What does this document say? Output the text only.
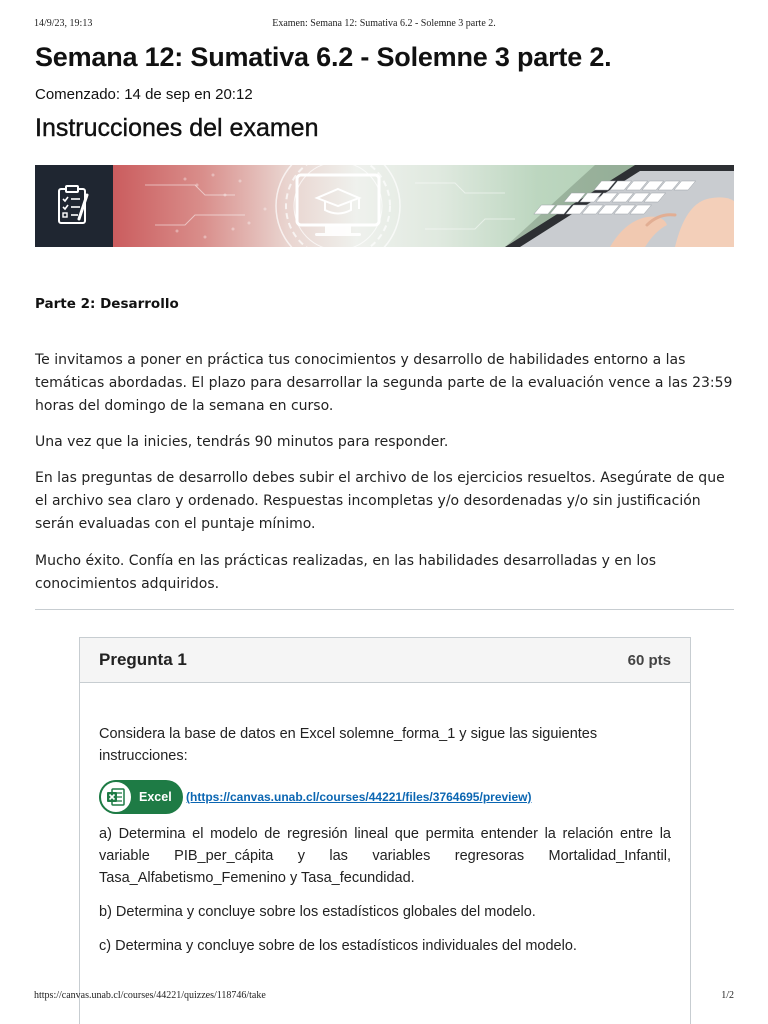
14/9/23, 19:13	Examen: Semana 12: Sumativa 6.2 - Solemne 3 parte 2.
Semana 12: Sumativa 6.2 - Solemne 3 parte 2.
Comenzado: 14 de sep en 20:12
Instrucciones del examen
Parte 2: Desarrollo

Te invitamos a poner en práctica tus conocimientos y desarrollo de habilidades entorno a las temáticas abordadas. El plazo para desarrollar la segunda parte de la evaluación vence a las 23:59 horas del domingo de la semana en curso.

Una vez que la inicies, tendrás 90 minutos para responder.

En las preguntas de desarrollo debes subir el archivo de los ejercicios resueltos. Asegúrate de que el archivo sea claro y ordenado. Respuestas incompletas y/o desordenadas y/o sin justificación serán evaluadas con el puntaje mínimo.

Mucho éxito. Confía en las prácticas realizadas, en las habilidades desarrolladas y en los conocimientos adquiridos.

Pregunta 1	60 pts

Considera la base de datos en Excel solemne_forma_1 y sigue las siguientes instrucciones:

Excel (https://canvas.unab.cl/courses/44221/files/3764695/preview)

a) Determina el modelo de regresión lineal que permita entender la relación entre la variable PIB_per_cápita y las variables regresoras Mortalidad_Infantil, Tasa_Alfabetismo_Femenino y Tasa_fecundidad.

b) Determina y concluye sobre los estadísticos globales del modelo.

c) Determina y concluye sobre de los estadísticos individuales del modelo.

https://canvas.unab.cl/courses/44221/quizzes/118746/take	1/2
